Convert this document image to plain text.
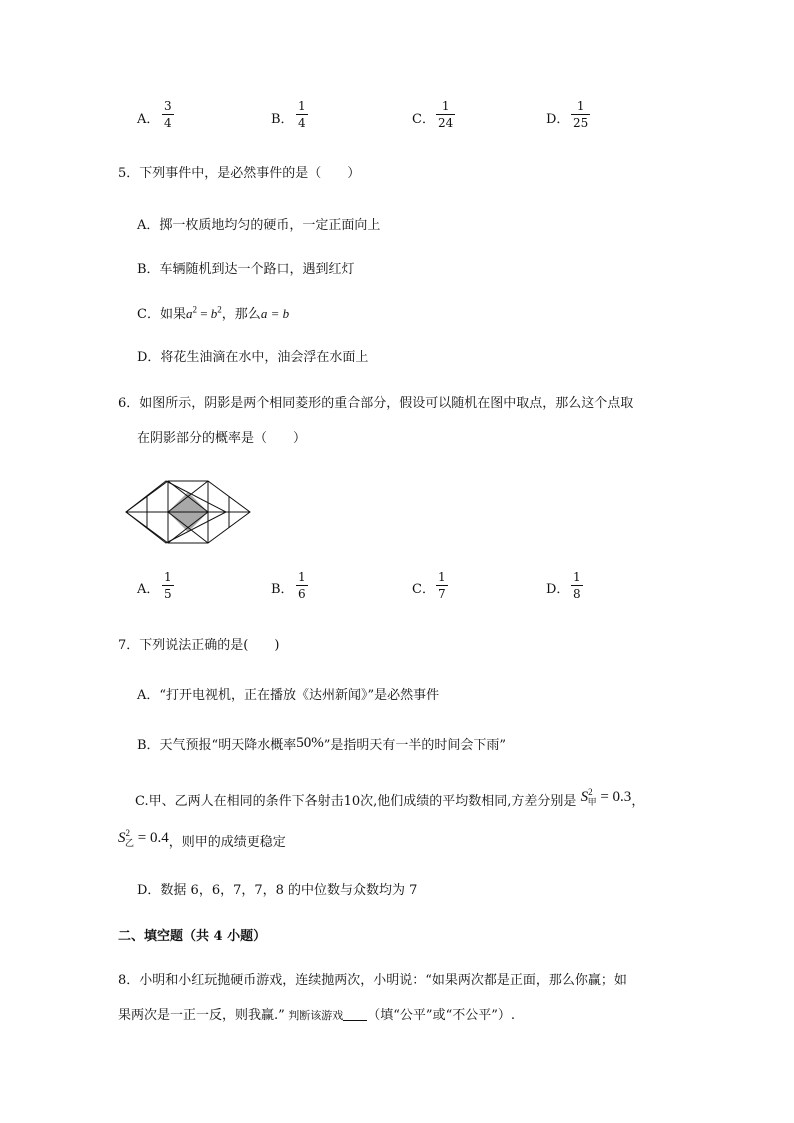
A．
3
4	B．
1
4	C．
1
24	D．
1
25
5．下列事件中，是必然事件的是（　　）
A．掷一枚质地均匀的硬币，一定正面向上
B．车辆随机到达一个路口，遇到红灯
C．如果$a^2 = b^2$，那么a = b
D．将花生油滴在水中，油会浮在水面上
6．如图所示，阴影是两个相同菱形的重合部分，假设可以随机在图中取点，那么这个点取
在阴影部分的概率是（　　）
A．
1
5	B．
1
6	C．
1
7	D．
1
8
7．下列说法正确的是(　　)
A．“打开电视机，正在播放《达州新闻》”是必然事件
B．天气预报“明天降水概率50%”是指明天有一半的时间会下雨”
C.甲、乙两人在相同的条件下各射击10次,他们成绩的平均数相同,方差分别是 $S^2_甲 = 0.3$，
$S^2_乙 = 0.4$，则甲的成绩更稳定
D．数据 6，6，7，7，8 的中位数与众数均为 7
二、填空题（共 4 小题）
8．小明和小红玩抛硬币游戏，连续抛两次，小明说：“如果两次都是正面，那么你赢；如
果两次是一正一反，则我赢.” 判断该游戏 （填“公平”或“不公平”）.
